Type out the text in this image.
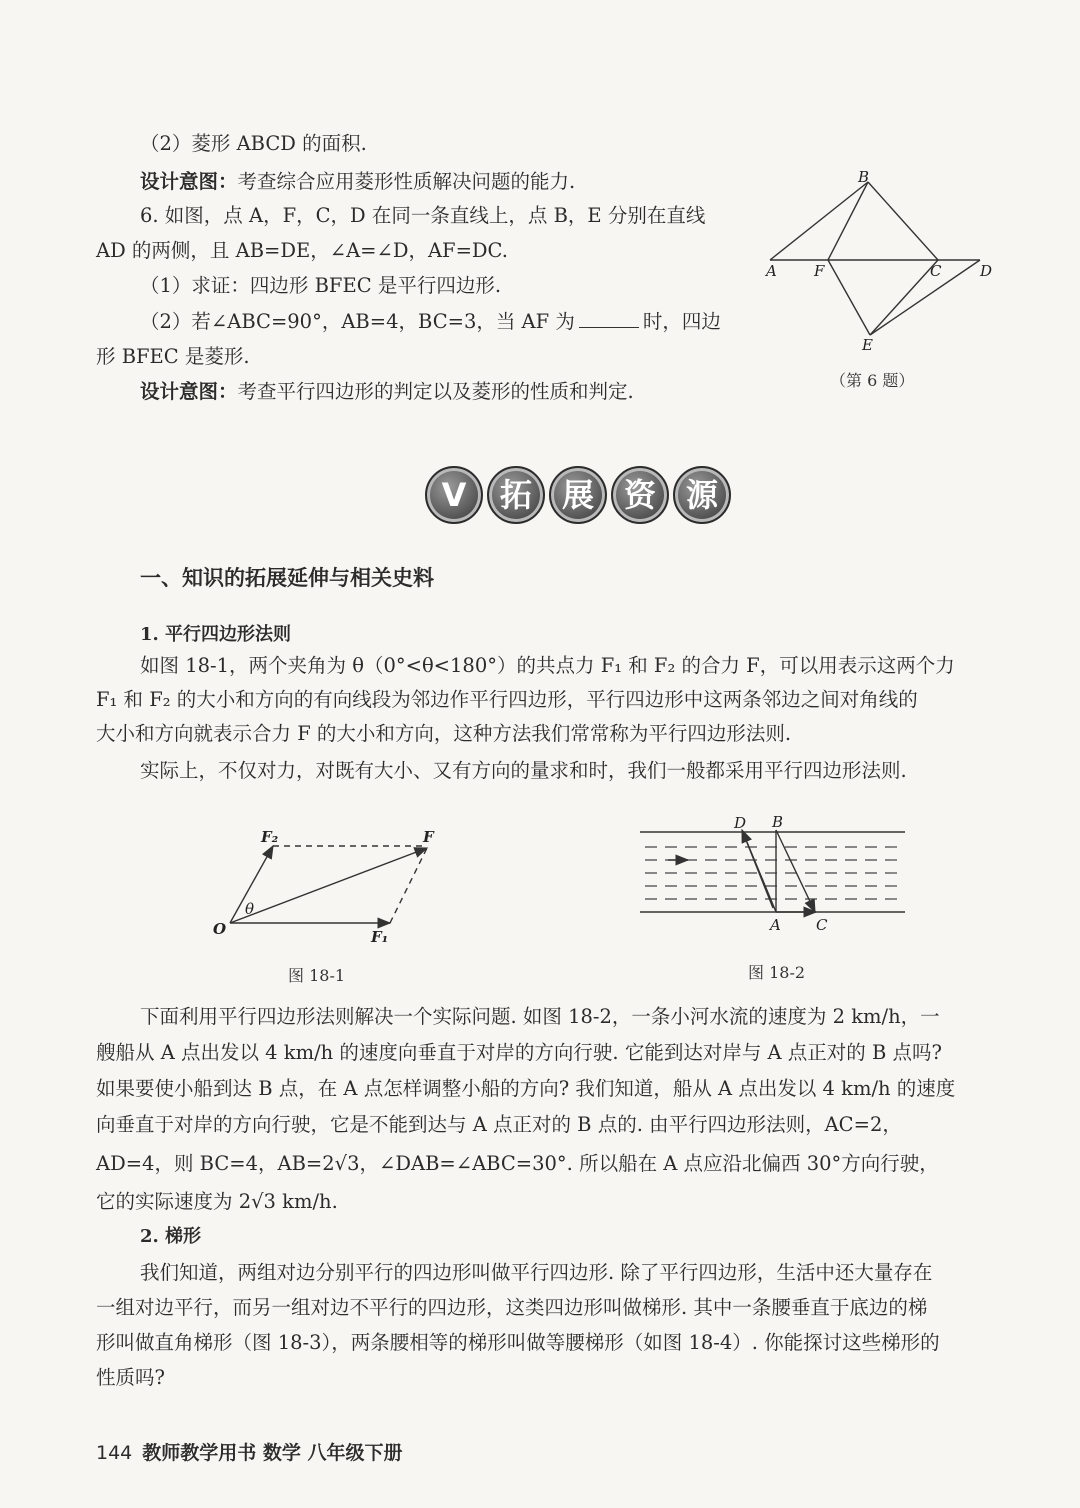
（2）菱形 ABCD 的面积.
设计意图：考查综合应用菱形性质解决问题的能力.
6. 如图，点 A，F，C，D 在同一条直线上，点 B，E 分别在直线
AD 的两侧，且 AB=DE，∠A=∠D，AF=DC.
（1）求证：四边形 BFEC 是平行四边形.
（2）若∠ABC=90°，AB=4，BC=3，当 AF 为	时，四边
形 BFEC 是菱形.
设计意图：考查平行四边形的判定以及菱形的性质和判定.
A
B
C	D
E
F
（第 6 题）
V	拓 展 资 源
一、知识的拓展延伸与相关史料
1. 平行四边形法则
如图 18-1，两个夹角为 θ（0°<θ<180°）的共点力 F₁ 和 F₂ 的合力 F，可以用表示这两个力
F₁ 和 F₂ 的大小和方向的有向线段为邻边作平行四边形，平行四边形中这两条邻边之间对角线的
大小和方向就表示合力 F 的大小和方向，这种方法我们常常称为平行四边形法则.
实际上，不仅对力，对既有大小、又有方向的量求和时，我们一般都采用平行四边形法则.
O	F₁
F₂	F
θ
图 18-1
D B
A C
图 18-2
下面利用平行四边形法则解决一个实际问题. 如图 18-2，一条小河水流的速度为 2 km/h，一
艘船从 A 点出发以 4 km/h 的速度向垂直于对岸的方向行驶. 它能到达对岸与 A 点正对的 B 点吗?
如果要使小船到达 B 点，在 A 点怎样调整小船的方向? 我们知道，船从 A 点出发以 4 km/h 的速度
向垂直于对岸的方向行驶，它是不能到达与 A 点正对的 B 点的. 由平行四边形法则，AC=2，
AD=4，则 BC=4，AB=2√3，∠DAB=∠ABC=30°. 所以船在 A 点应沿北偏西 30°方向行驶，
它的实际速度为 2√3 km/h.
2. 梯形
我们知道，两组对边分别平行的四边形叫做平行四边形. 除了平行四边形，生活中还大量存在
一组对边平行，而另一组对边不平行的四边形，这类四边形叫做梯形. 其中一条腰垂直于底边的梯
形叫做直角梯形（图 18-3），两条腰相等的梯形叫做等腰梯形（如图 18-4）. 你能探讨这些梯形的
性质吗?
144 教师教学用书 数学 八年级下册
